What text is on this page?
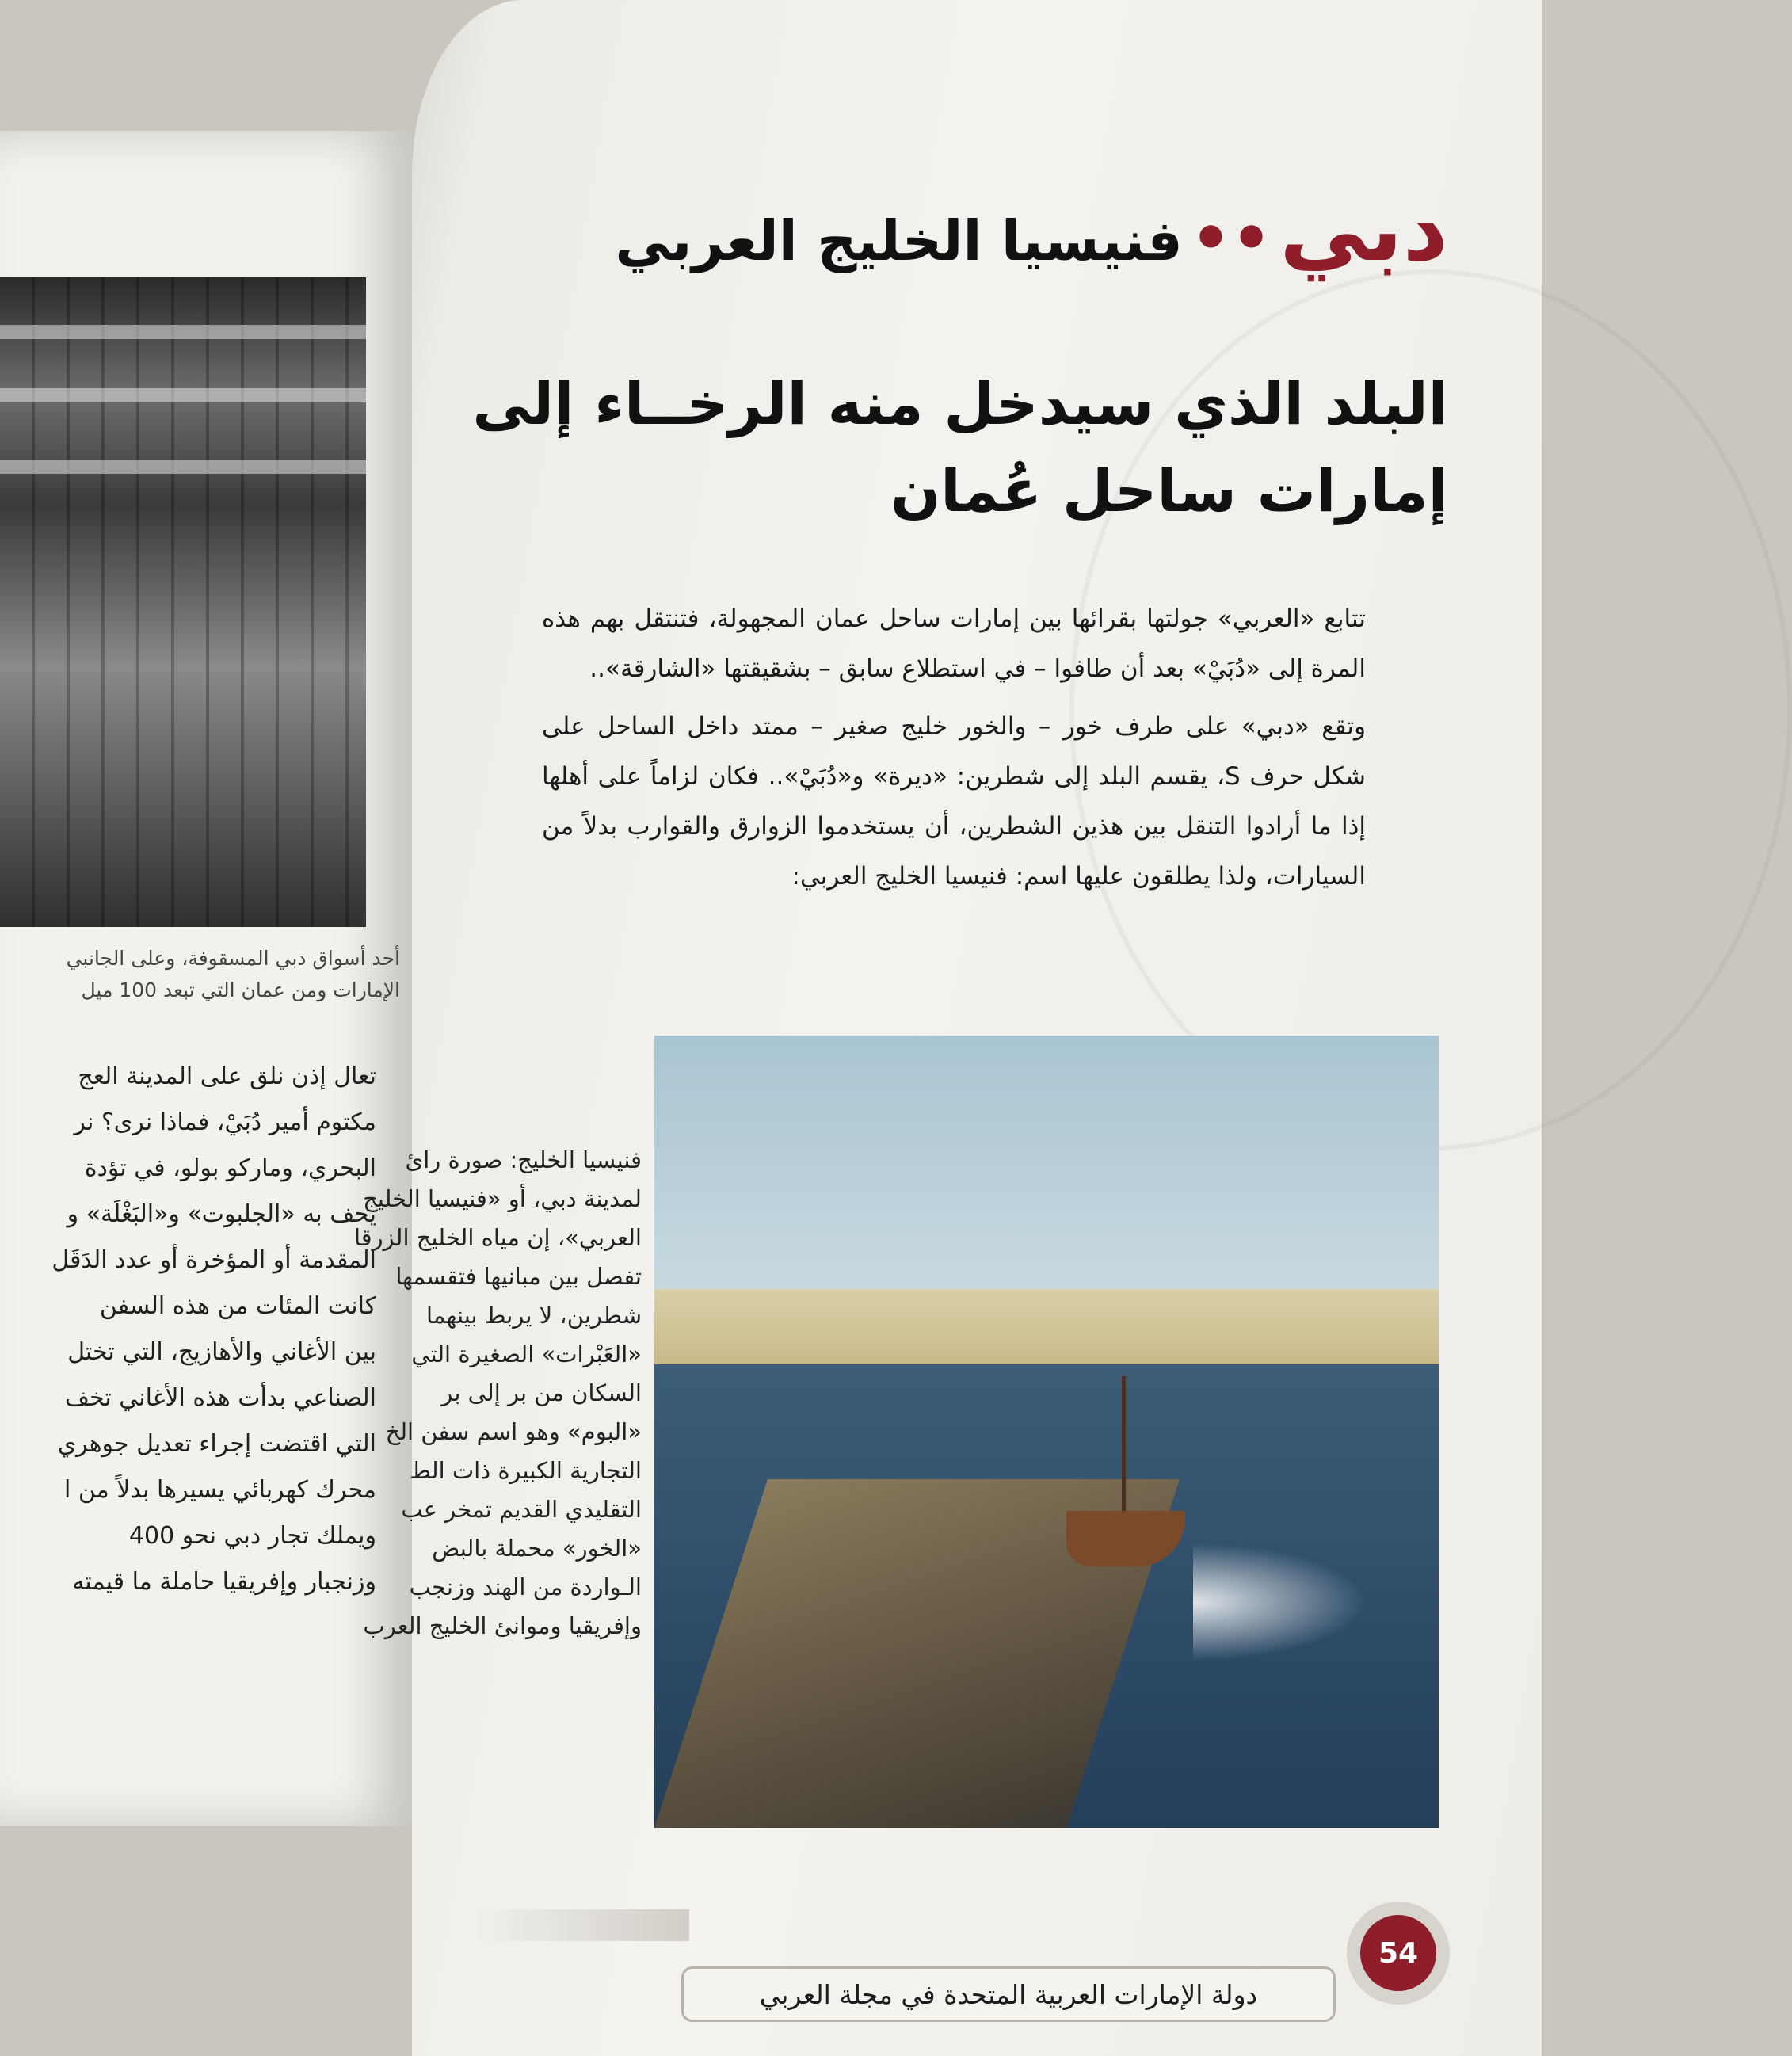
أحد أسواق دبي المسقوفة، وعلى الجانبي
الإمارات ومن عمان التي تبعد 100 ميل

تعال إذن نلق على المدينة العج

مكتوم أمير دُبَيْ، فماذا نرى؟ نر

البحري، وماركو بولو، في تؤدة

يحف به «الجلبوت» و«البَغْلَة» و

المقدمة أو المؤخرة أو عدد الدَقَل

كانت المئات من هذه السفن

بين الأغاني والأهازيج، التي تختل

الصناعي بدأت هذه الأغاني تخف

التي اقتضت إجراء تعديل جوهري

محرك كهربائي يسيرها بدلاً من ا

ويملك تجار دبي نحو 400

وزنجبار وإفريقيا حاملة ما قيمته

دبي••فنيسيا الخليج العربي
البلد الذي سيدخل منه الرخــاء إلى إمارات ساحل عُمان

تتابع «العربي» جولتها بقرائها بين إمارات ساحل عمان المجهولة، فتنتقل بهم هذه المرة إلى «دُبَيْ» بعد أن طافوا – في استطلاع سابق – بشقيقتها «الشارقة»..

وتقع «دبي» على طرف خور – والخور خليج صغير – ممتد داخل الساحل على شكل حرف S، يقسم البلد إلى شطرين: «ديرة» و«دُبَيْ».. فكان لزاماً على أهلها إذا ما أرادوا التنقل بين هذين الشطرين، أن يستخدموا الزوارق والقوارب بدلاً من السيارات، ولذا يطلقون عليها اسم: فنيسيا الخليج العربي:

فنيسيا الخليج: صورة رائ

لمدينة دبي، أو «فنيسيا الخليج

العربي»، إن مياه الخليج الزرقا

تفصل بين مبانيها فتقسمها

شطرين، لا يربط بينهما

«العَبْرات» الصغيرة التي

السكان من بر إلى بر

«البوم» وهو اسم سفن الخ

التجارية الكبيرة ذات الط

التقليدي القديم تمخر عب

«الخور» محملة بالبض

الـواردة من الهند وزنجب

وإفريقيا وموانئ الخليج العرب

دولة الإمارات العربية المتحدة في مجلة العربي
54
